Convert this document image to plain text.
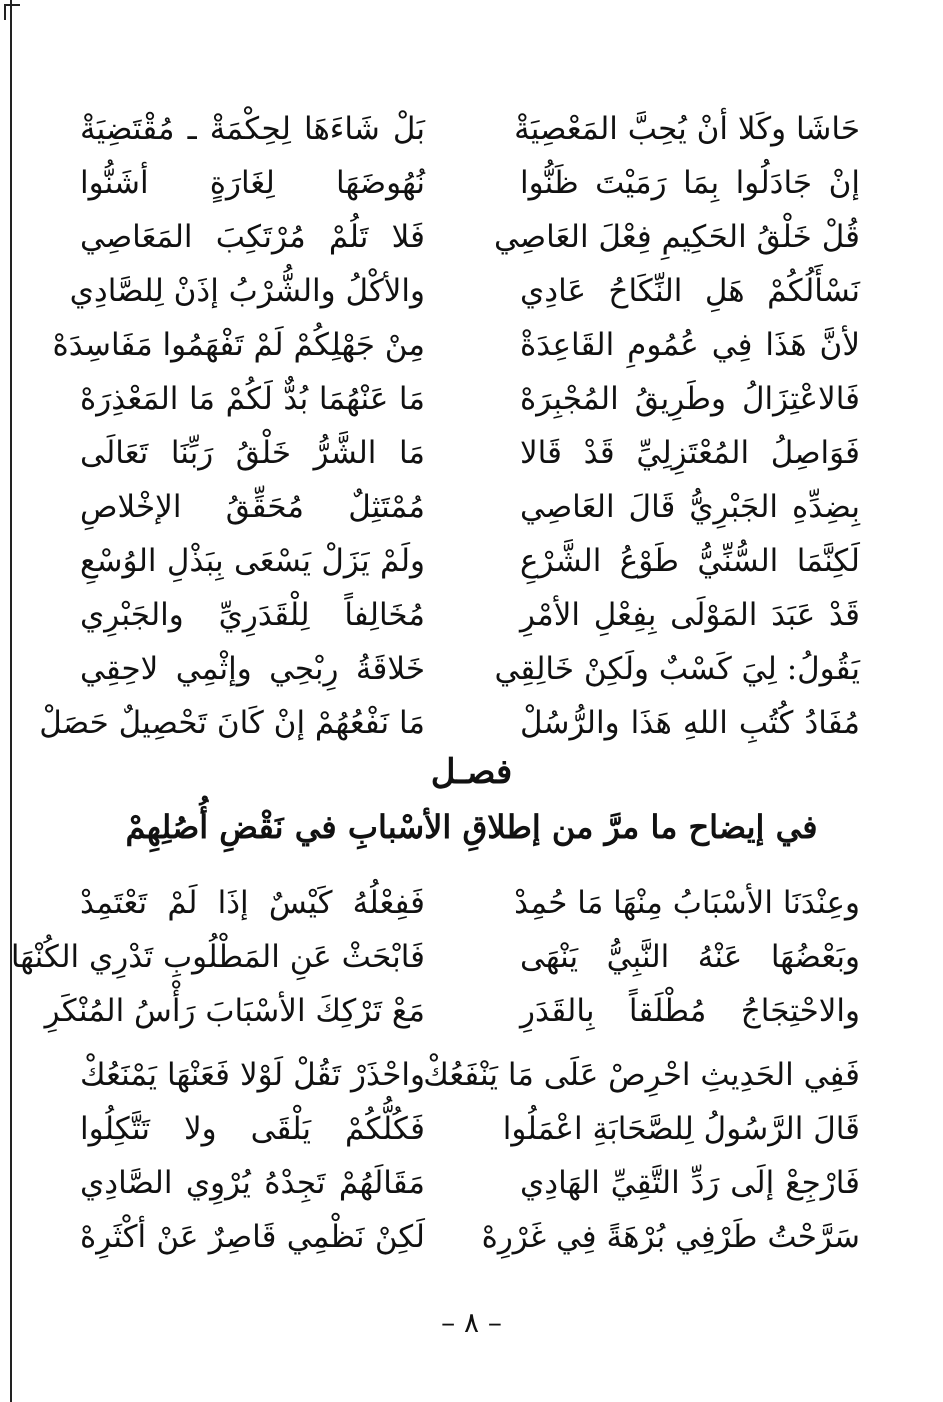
حَاشَا وكَلا أنْ يُحِبَّ المَعْصِيَةْ
بَلْ شَاءَهَا لِحِكْمَةْ ـ مُقْتَضِيَةْ
إنْ جَادَلُوا بِمَا رَمَيْتَ ظَنُّوا
نُهُوضَهَا لِغَارَةٍ أشَنُّوا
قُلْ خَلْقُ الحَكِيمِ فِعْلَ العَاصِي
فَلا تَلُمْ مُرْتَكِبَ المَعَاصِي
نَسْأَلُكُمْ هَلِ النِّكَاحُ عَادِي
والأكْلُ والشُّرْبُ إذَنْ لِلصَّادِي
لأنَّ هَذَا فِي عُمُومِ القَاعِدَةْ
مِنْ جَهْلِكُمْ لَمْ تَفْهَمُوا مَفَاسِدَهْ
فَالاعْتِزَالُ وطَرِيقُ المُجْبِرَهْ
مَا عَنْهُمَا بُدٌّ لَكُمْ مَا المَعْذِرَهْ
فَوَاصِلُ المُعْتَزِلِيِّ قَدْ قَالا
مَا الشَّرُّ خَلْقُ رَبِّنَا تَعَالَى
بِضِدِّهِ الجَبْرِيُّ قَالَ العَاصِي
مُمْتَثِلٌ مُحَقِّقُ الإخْلاصِ
لَكِنَّمَا السُّنِّيُّ طَوْعُ الشَّرْعِ
ولَمْ يَزَلْ يَسْعَى بِبَذْلِ الوُسْعِ
قَدْ عَبَدَ المَوْلَى بِفِعْلِ الأمْرِ
مُخَالِفاً لِلْقَدَرِيِّ والجَبْرِي
يَقُولُ: لِيَ كَسْبٌ ولَكِنْ خَالِقِي
خَلاقَةُ رِبْحِي وإثْمِي لاحِقِي
مُفَادُ كُتُبِ اللهِ هَذَا والرُّسُلْ
مَا نَفْعُهُمْ إنْ كَانَ تَحْصِيلٌ حَصَلْ
فصـل
في إيضاح ما مرَّ من إطلاقِ الأسْبابِ في نَقْضِ أُصُلِهِمْ
وعِنْدَنَا الأسْبَابُ مِنْهَا مَا حُمِدْ
فَفِعْلُهُ كَيْسٌ إذَا لَمْ تَعْتَمِدْ
وبَعْضُهَا عَنْهُ النَّبِيُّ يَنْهَى
فَابْحَثْ عَنِ المَطْلُوبِ تَدْرِي الكُنْهَا
والاحْتِجَاجُ مُطْلَقاً بِالقَدَرِ
مَعْ تَرْكِكَ الأسْبَابَ رَأْسُ المُنْكَرِ
فَفِي الحَدِيثِ احْرِصْ عَلَى مَا يَنْفَعُكْ
واحْذَرْ تَقُلْ لَوْلا فَعَنْهَا يَمْنَعُكْ
قَالَ الرَّسُولُ لِلصَّحَابَةِ اعْمَلُوا
فَكُلُّكُمْ يَلْقَى ولا تَتَّكِلُوا
فَارْجِعْ إلَى رَدِّ التَّقِيِّ الهَادِي
مَقَالَهُمْ تَجِدْهُ يُرْوِي الصَّادِي
سَرَّحْتُ طَرْفِي بُرْهَةً فِي غَرْرِهْ
لَكِنْ نَظْمِي قَاصِرٌ عَنْ أكْثَرِهْ
– ٨ –
